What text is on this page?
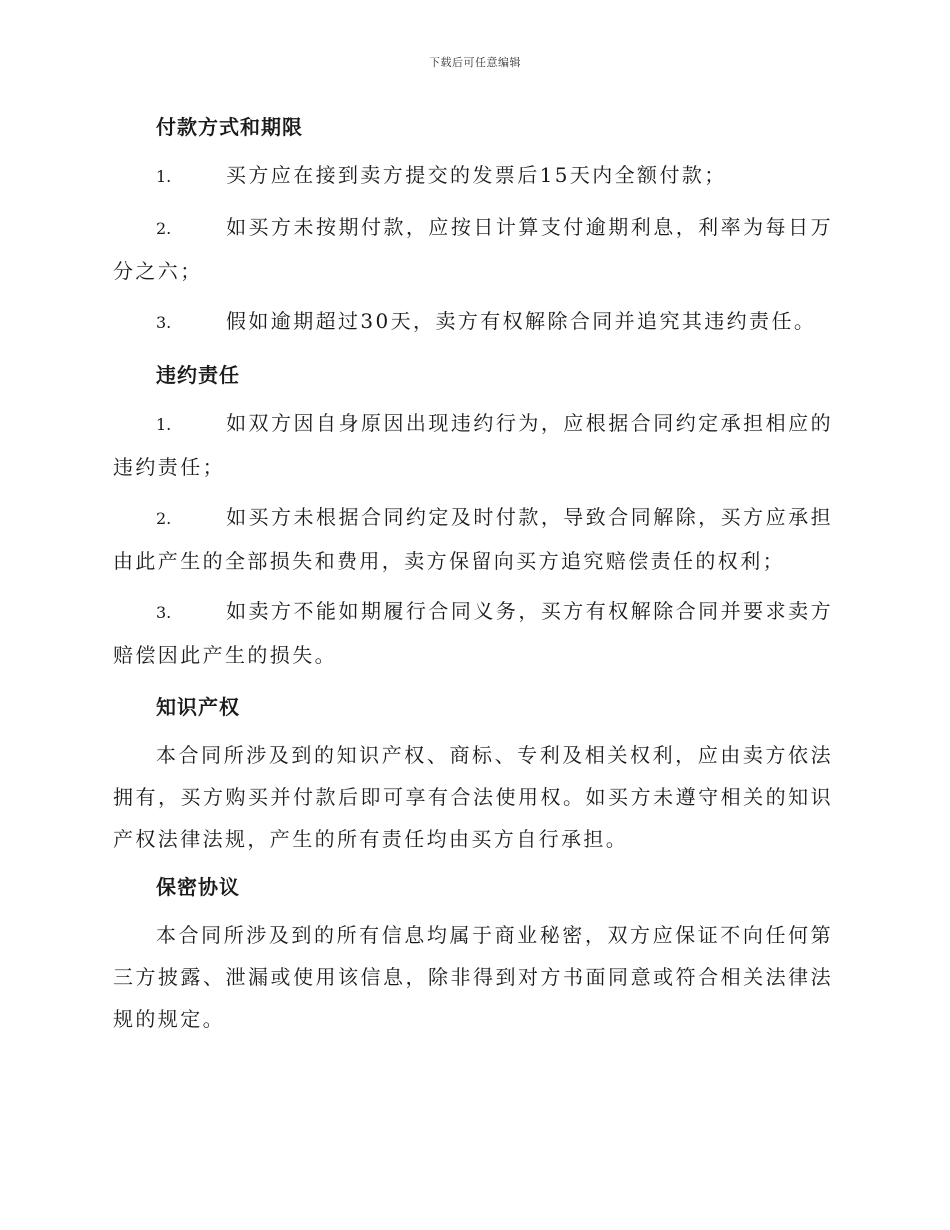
下载后可任意编辑
付款方式和期限
1.	买方应在接到卖方提交的发票后15天内全额付款；
2.	如买方未按期付款，应按日计算支付逾期利息，利率为每日万分之六；
3.	假如逾期超过30天，卖方有权解除合同并追究其违约责任。
违约责任
1.	如双方因自身原因出现违约行为，应根据合同约定承担相应的违约责任；
2.	如买方未根据合同约定及时付款，导致合同解除，买方应承担由此产生的全部损失和费用，卖方保留向买方追究赔偿责任的权利；
3.	如卖方不能如期履行合同义务，买方有权解除合同并要求卖方赔偿因此产生的损失。
知识产权
本合同所涉及到的知识产权、商标、专利及相关权利，应由卖方依法拥有，买方购买并付款后即可享有合法使用权。如买方未遵守相关的知识产权法律法规，产生的所有责任均由买方自行承担。
保密协议
本合同所涉及到的所有信息均属于商业秘密，双方应保证不向任何第三方披露、泄漏或使用该信息，除非得到对方书面同意或符合相关法律法规的规定。
